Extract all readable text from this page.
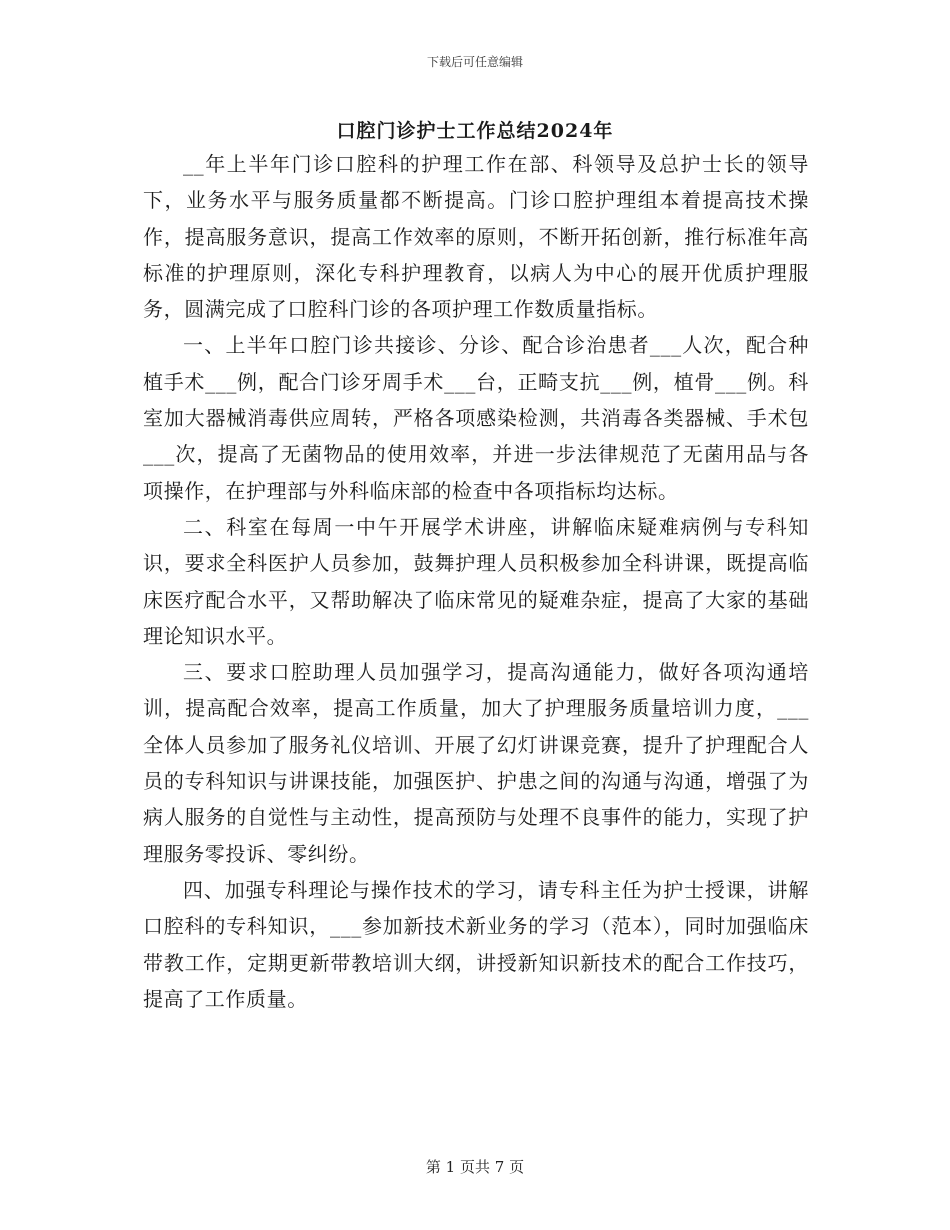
下载后可任意编辑
口腔门诊护士工作总结2024年

__年上半年门诊口腔科的护理工作在部、科领导及总护士长的领导下，业务水平与服务质量都不断提高。门诊口腔护理组本着提高技术操作，提高服务意识，提高工作效率的原则，不断开拓创新，推行标准年高标准的护理原则，深化专科护理教育，以病人为中心的展开优质护理服务，圆满完成了口腔科门诊的各项护理工作数质量指标。

一、上半年口腔门诊共接诊、分诊、配合诊治患者___人次，配合种植手术___例，配合门诊牙周手术___台，正畸支抗___例，植骨___例。科室加大器械消毒供应周转，严格各项感染检测，共消毒各类器械、手术包___次，提高了无菌物品的使用效率，并进一步法律规范了无菌用品与各项操作，在护理部与外科临床部的检查中各项指标均达标。

二、科室在每周一中午开展学术讲座，讲解临床疑难病例与专科知识，要求全科医护人员参加，鼓舞护理人员积极参加全科讲课，既提高临床医疗配合水平，又帮助解决了临床常见的疑难杂症，提高了大家的基础理论知识水平。

三、要求口腔助理人员加强学习，提高沟通能力，做好各项沟通培训，提高配合效率，提高工作质量，加大了护理服务质量培训力度，___全体人员参加了服务礼仪培训、开展了幻灯讲课竞赛，提升了护理配合人员的专科知识与讲课技能，加强医护、护患之间的沟通与沟通，增强了为病人服务的自觉性与主动性，提高预防与处理不良事件的能力，实现了护理服务零投诉、零纠纷。

四、加强专科理论与操作技术的学习，请专科主任为护士授课，讲解口腔科的专科知识，___参加新技术新业务的学习（范本），同时加强临床带教工作，定期更新带教培训大纲，讲授新知识新技术的配合工作技巧，提高了工作质量。

第 1 页共 7 页
